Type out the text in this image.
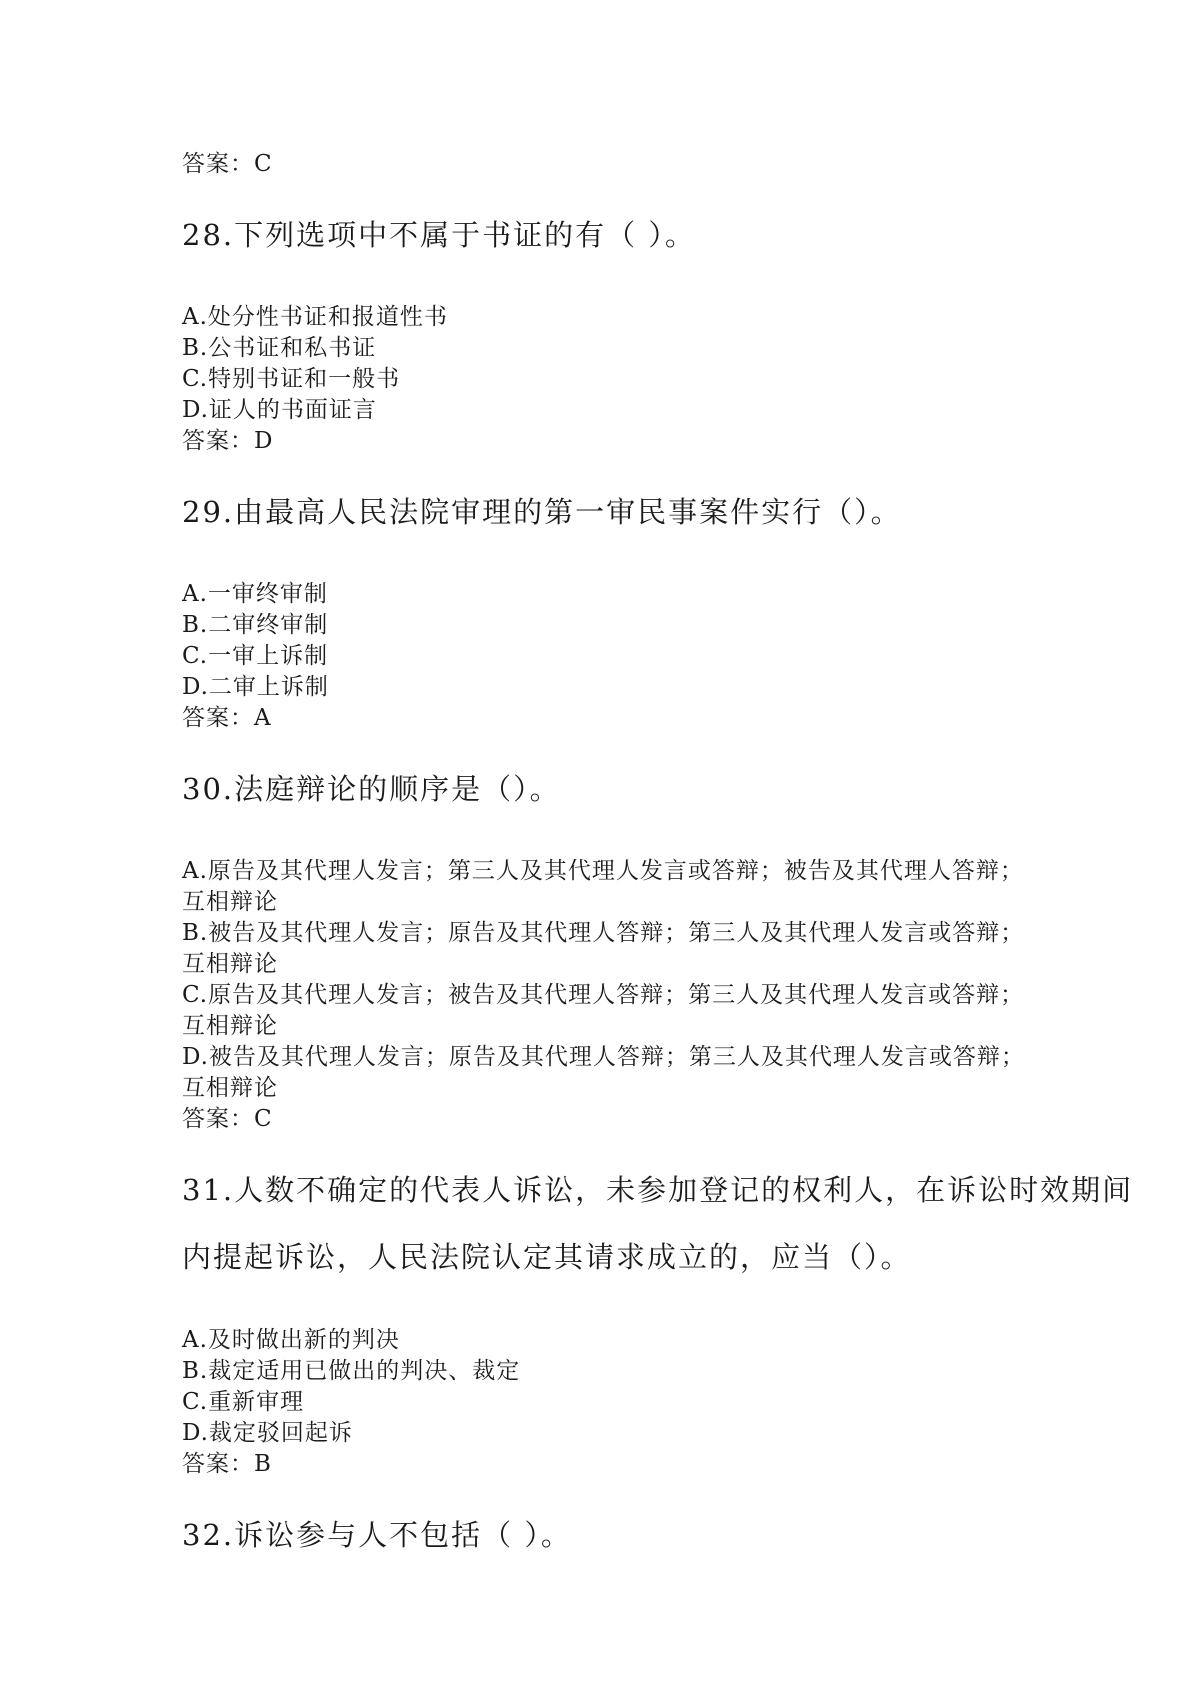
答案：C
28.下列选项中不属于书证的有（ ）。
A.处分性书证和报道性书
B.公书证和私书证
C.特别书证和一般书
D.证人的书面证言
答案：D
29.由最高人民法院审理的第一审民事案件实行（）。
A.一审终审制
B.二审终审制
C.一审上诉制
D.二审上诉制
答案：A
30.法庭辩论的顺序是（）。
A.原告及其代理人发言；第三人及其代理人发言或答辩；被告及其代理人答辩；
互相辩论
B.被告及其代理人发言；原告及其代理人答辩；第三人及其代理人发言或答辩；
互相辩论
C.原告及其代理人发言；被告及其代理人答辩；第三人及其代理人发言或答辩；
互相辩论
D.被告及其代理人发言；原告及其代理人答辩；第三人及其代理人发言或答辩；
互相辩论
答案：C
31.人数不确定的代表人诉讼，未参加登记的权利人，在诉讼时效期间
内提起诉讼，人民法院认定其请求成立的，应当（）。
A.及时做出新的判决
B.裁定适用已做出的判决、裁定
C.重新审理
D.裁定驳回起诉
答案：B
32.诉讼参与人不包括（ ）。
